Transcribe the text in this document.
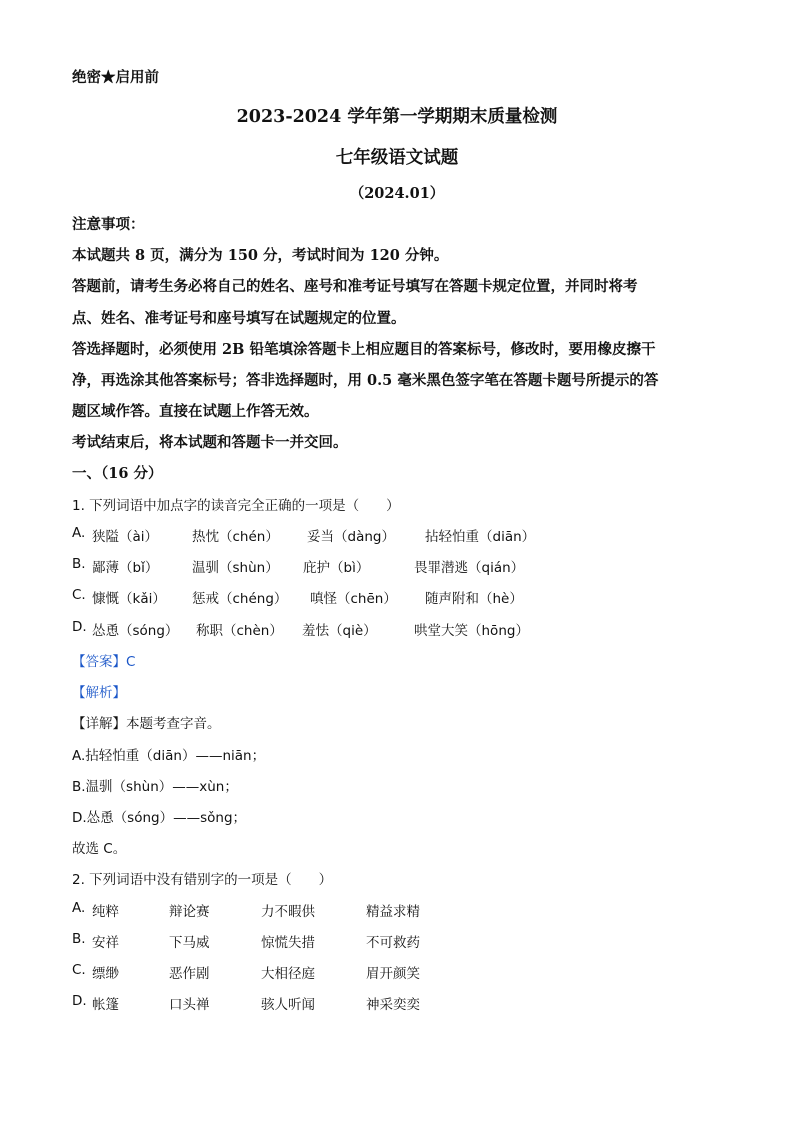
绝密★启用前
2023-2024 学年第一学期期末质量检测
七年级语文试题
（2024.01）
注意事项：
本试题共 8 页，满分为 150 分，考试时间为 120 分钟。
答题前，请考生务必将自己的姓名、座号和准考证号填写在答题卡规定位置，并同时将考
点、姓名、准考证号和座号填写在试题规定的位置。
答选择题时，必须使用 2B 铅笔填涂答题卡上相应题目的答案标号，修改时，要用橡皮擦干
净，再选涂其他答案标号；答非选择题时，用 0.5 毫米黑色签字笔在答题卡题号所提示的答
题区域作答。直接在试题上作答无效。
考试结束后，将本试题和答题卡一并交回。
一、（16 分）
1. 下列词语中加点字的读音完全正确的一项是（　　）
A. 狭隘（ài）	热忱（chén） 妥当（dàng） 拈轻怕重（diān）
B. 鄙薄（bǐ） 温驯（shùn） 庇护（bì）	畏罪潜逃（qián）
C. 慷慨（kǎi） 惩戒（chéng） 嗔怪（chēn） 随声附和（hè）
D. 怂恿（sóng） 称职（chèn） 羞怯（qiè）	哄堂大笑（hōng）
【答案】C
【解析】
【详解】本题考查字音。
A.拈轻怕重（diān）——niān；
B.温驯（shùn）——xùn；
D.怂恿（sóng）——sǒng；
故选 C。
2. 下列词语中没有错别字的一项是（　　）
A. 纯粹	辩论赛	力不暇供	精益求精
B. 安祥	下马威	惊慌失措	不可救药
C. 缥缈	恶作剧	大相径庭	眉开颜笑
D. 帐篷	口头禅	骇人听闻	神采奕奕
